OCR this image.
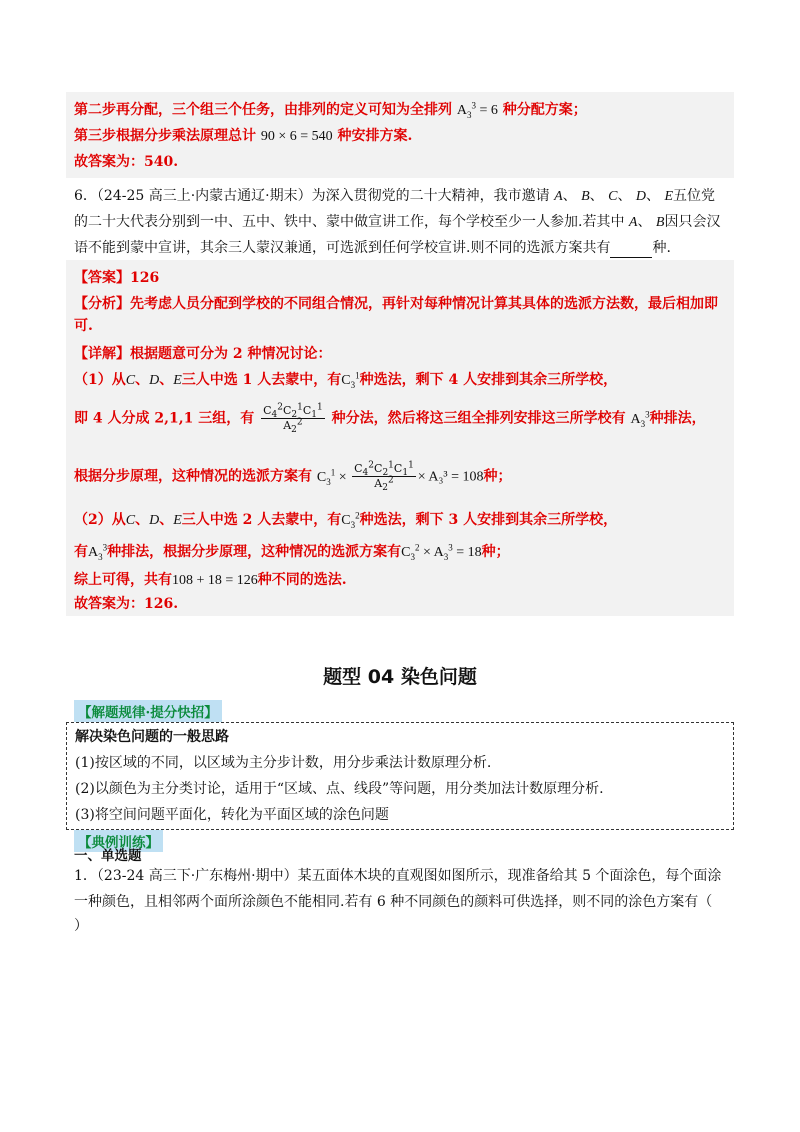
第二步再分配，三个组三个任务，由排列的定义可知为全排列 $A_3^3 = 6$ 种分配方案；
第三步根据分步乘法原理总计 90 × 6 = 540 种安排方案.
故答案为：540.
6．（24-25 高三上·内蒙古通辽·期末）为深入贯彻党的二十大精神，我市邀请 A、 B、 C、 D、 E五位党
的二十大代表分别到一中、五中、铁中、蒙中做宣讲工作，每个学校至少一人参加.若其中 A、 B因只会汉
语不能到蒙中宣讲，其余三人蒙汉兼通，可选派到任何学校宣讲.则不同的选派方案共有	种.
【答案】126
【分析】先考虑人员分配到学校的不同组合情况，再针对每种情况计算其具体的选派方法数，最后相加即
可.
【详解】根据题意可分为 2 种情况讨论：
（1）从C、D、E三人中选 1 人去蒙中，有$C_3^1$种选法，剩下 4 人安排到其余三所学校，
即 4 人分成 2,1,1 三组，有 $\frac{C_4^2C_2^1C_1^1}{A_2^2}$ 种分法，然后将这三组全排列安排这三所学校有 $A_3^3$种排法，
根据分步原理，这种情况的选派方案有 $C_3^1 \times \frac{C_4^2C_2^1C_1^1}{A_2^2} \times A_3^3 = 108$种；
（2）从C、D、E三人中选 2 人去蒙中，有$C_3^2$种选法，剩下 3 人安排到其余三所学校，
有$A_3^3$种排法，根据分步原理，这种情况的选派方案有$C_3^2 \times A_3^3 = 18$种；
综上可得，共有108 + 18 = 126种不同的选法.
故答案为：126.
题型 04 染色问题
【解题规律·提分快招】
解决染色问题的一般思路
(1)按区域的不同，以区域为主分步计数，用分步乘法计数原理分析.
(2)以颜色为主分类讨论，适用于“区域、点、线段”等问题，用分类加法计数原理分析.
(3)将空间问题平面化，转化为平面区域的涂色问题
【典例训练】
一、单选题
1．（23-24 高三下·广东梅州·期中）某五面体木块的直观图如图所示，现准备给其 5 个面涂色，每个面涂
一种颜色，且相邻两个面所涂颜色不能相同.若有 6 种不同颜色的颜料可供选择，则不同的涂色方案有（
）
